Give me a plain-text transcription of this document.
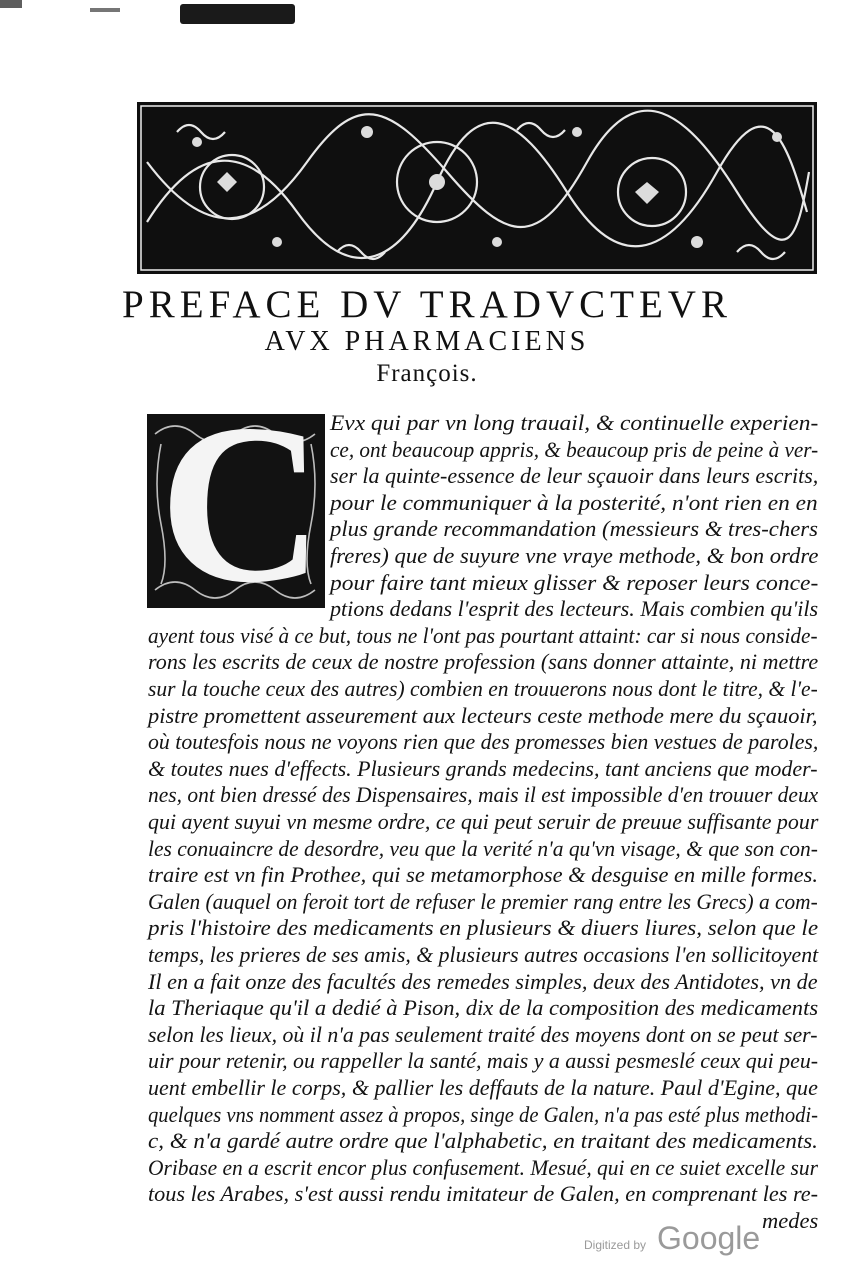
PREFACE DV TRADVCTEVR
AVX PHARMACIENS
François.
C Evx qui par vn long trauail, & continuelle experien-
ce, ont beaucoup appris, & beaucoup pris de peine à ver-
ser la quinte-essence de leur sçauoir dans leurs escrits,
pour le communiquer à la posterité, n'ont rien en en
plus grande recommandation (messieurs & tres-chers
freres) que de suyure vne vraye methode, & bon ordre
pour faire tant mieux glisser & reposer leurs conce-
ptions dedans l'esprit des lecteurs. Mais combien qu'ils
ayent tous visé à ce but, tous ne l'ont pas pourtant attaint: car si nous conside-
rons les escrits de ceux de nostre profession (sans donner attainte, ni mettre
sur la touche ceux des autres) combien en trouuerons nous dont le titre, & l'e-
pistre promettent asseurement aux lecteurs ceste methode mere du sçauoir,
où toutesfois nous ne voyons rien que des promesses bien vestues de paroles,
& toutes nues d'effects. Plusieurs grands medecins, tant anciens que moder-
nes, ont bien dressé des Dispensaires, mais il est impossible d'en trouuer deux
qui ayent suyui vn mesme ordre, ce qui peut seruir de preuue suffisante pour
les conuaincre de desordre, veu que la verité n'a qu'vn visage, & que son con-
traire est vn fin Prothee, qui se metamorphose & desguise en mille formes.
Galen (auquel on feroit tort de refuser le premier rang entre les Grecs) a com-
pris l'histoire des medicaments en plusieurs & diuers liures, selon que le
temps, les prieres de ses amis, & plusieurs autres occasions l'en sollicitoyent
Il en a fait onze des facultés des remedes simples, deux des Antidotes, vn de
la Theriaque qu'il a dedié à Pison, dix de la composition des medicaments
selon les lieux, où il n'a pas seulement traité des moyens dont on se peut ser-
uir pour retenir, ou rappeller la santé, mais y a aussi pesmeslé ceux qui peu-
uent embellir le corps, & pallier les deffauts de la nature. Paul d'Egine, que
quelques vns nomment assez à propos, singe de Galen, n'a pas esté plus methodi-
c, & n'a gardé autre ordre que l'alphabetic, en traitant des medicaments.
Oribase en a escrit encor plus confusement. Mesué, qui en ce suiet excelle sur
tous les Arabes, s'est aussi rendu imitateur de Galen, en comprenant les re-
medes
Digitized by Google
